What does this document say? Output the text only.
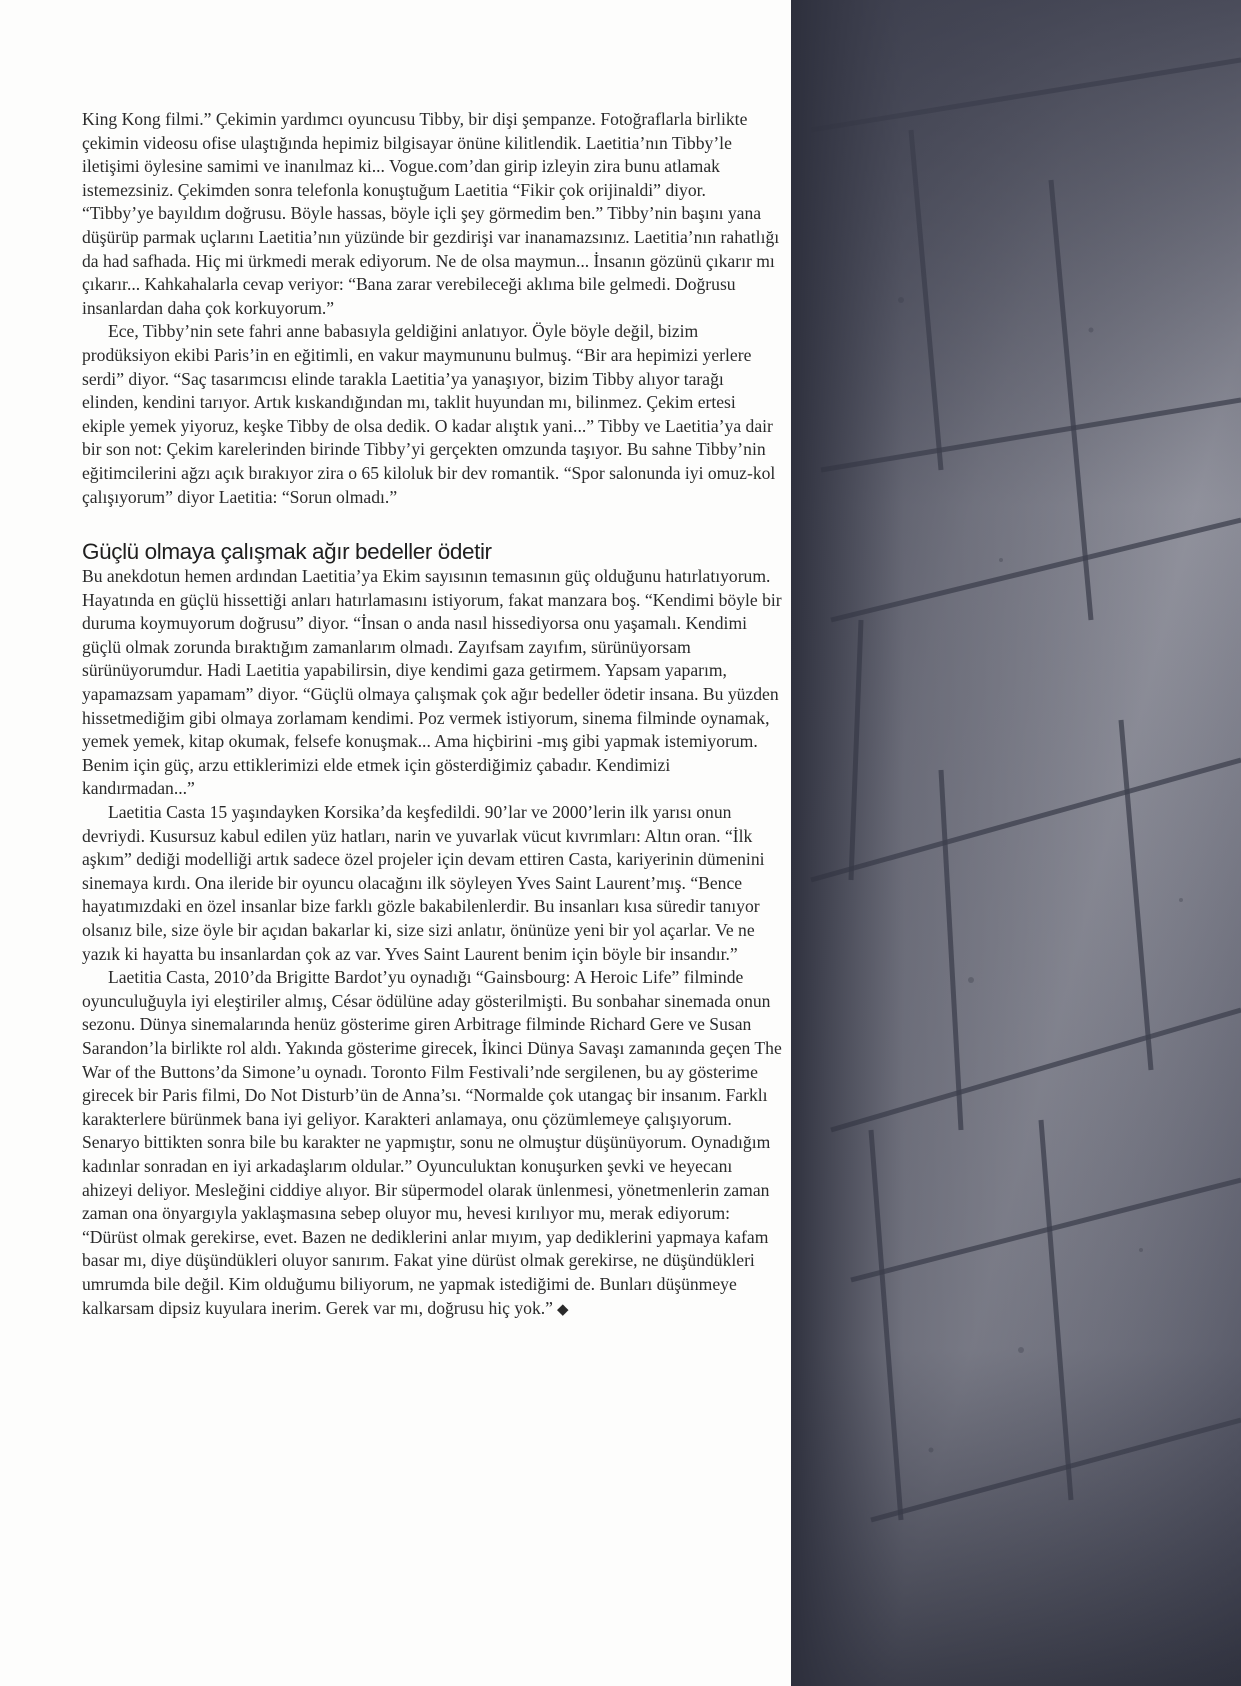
King Kong filmi.” Çekimin yardımcı oyuncusu Tibby, bir dişi şempanze. Fotoğraflarla birlikte çekimin videosu ofise ulaştığında hepimiz bilgisayar önüne kilitlendik. Laetitia’nın Tibby’le iletişimi öylesine samimi ve inanılmaz ki... Vogue.com’dan girip izleyin zira bunu atlamak istemezsiniz. Çekimden sonra telefonla konuştuğum Laetitia “Fikir çok orijinaldi” diyor. “Tibby’ye bayıldım doğrusu. Böyle hassas, böyle içli şey görmedim ben.” Tibby’nin başını yana düşürüp parmak uçlarını Laetitia’nın yüzünde bir gezdirişi var inanamazsınız. Laetitia’nın rahatlığı da had safhada. Hiç mi ürkmedi merak ediyorum. Ne de olsa maymun... İnsanın gözünü çıkarır mı çıkarır... Kahkahalarla cevap veriyor: “Bana zarar verebileceği aklıma bile gelmedi. Doğrusu insanlardan daha çok korkuyorum.”

Ece, Tibby’nin sete fahri anne babasıyla geldiğini anlatıyor. Öyle böyle değil, bizim prodüksiyon ekibi Paris’in en eğitimli, en vakur maymununu bulmuş. “Bir ara hepimizi yerlere serdi” diyor. “Saç tasarımcısı elinde tarakla Laetitia’ya yanaşıyor, bizim Tibby alıyor tarağı elinden, kendini tarıyor. Artık kıskandığından mı, taklit huyundan mı, bilinmez. Çekim ertesi ekiple yemek yiyoruz, keşke Tibby de olsa dedik. O kadar alıştık yani...” Tibby ve Laetitia’ya dair bir son not: Çekim karelerinden birinde Tibby’yi gerçekten omzunda taşıyor. Bu sahne Tibby’nin eğitimcilerini ağzı açık bırakıyor zira o 65 kiloluk bir dev romantik. “Spor salonunda iyi omuz-kol çalışıyorum” diyor Laetitia: “Sorun olmadı.”

Güçlü olmaya çalışmak ağır bedeller ödetir

Bu anekdotun hemen ardından Laetitia’ya Ekim sayısının temasının güç olduğunu hatırlatıyorum. Hayatında en güçlü hissettiği anları hatırlamasını istiyorum, fakat manzara boş. “Kendimi böyle bir duruma koymuyorum doğrusu” diyor. “İnsan o anda nasıl hissediyorsa onu yaşamalı. Kendimi güçlü olmak zorunda bıraktığım zamanlarım olmadı. Zayıfsam zayıfım, sürünüyorsam sürünüyorumdur. Hadi Laetitia yapabilirsin, diye kendimi gaza getirmem. Yapsam yaparım, yapamazsam yapamam” diyor. “Güçlü olmaya çalışmak çok ağır bedeller ödetir insana. Bu yüzden hissetmediğim gibi olmaya zorlamam kendimi. Poz vermek istiyorum, sinema filminde oynamak, yemek yemek, kitap okumak, felsefe konuşmak... Ama hiçbirini -mış gibi yapmak istemiyorum. Benim için güç, arzu ettiklerimizi elde etmek için gösterdiğimiz çabadır. Kendimizi kandırmadan...”

Laetitia Casta 15 yaşındayken Korsika’da keşfedildi. 90’lar ve 2000’lerin ilk yarısı onun devriydi. Kusursuz kabul edilen yüz hatları, narin ve yuvarlak vücut kıvrımları: Altın oran. “İlk aşkım” dediği modelliği artık sadece özel projeler için devam ettiren Casta, kariyerinin dümenini sinemaya kırdı. Ona ileride bir oyuncu olacağını ilk söyleyen Yves Saint Laurent’mış. “Bence hayatımızdaki en özel insanlar bize farklı gözle bakabilenlerdir. Bu insanları kısa süredir tanıyor olsanız bile, size öyle bir açıdan bakarlar ki, size sizi anlatır, önünüze yeni bir yol açarlar. Ve ne yazık ki hayatta bu insanlardan çok az var. Yves Saint Laurent benim için böyle bir insandır.”

Laetitia Casta, 2010’da Brigitte Bardot’yu oynadığı “Gainsbourg: A Heroic Life” filminde oyunculuğuyla iyi eleştiriler almış, César ödülüne aday gösterilmişti. Bu sonbahar sinemada onun sezonu. Dünya sinemalarında henüz gösterime giren Arbitrage filminde Richard Gere ve Susan Sarandon’la birlikte rol aldı. Yakında gösterime girecek, İkinci Dünya Savaşı zamanında geçen The War of the Buttons’da Simone’u oynadı. Toronto Film Festivali’nde sergilenen, bu ay gösterime girecek bir Paris filmi, Do Not Disturb’ün de Anna’sı. “Normalde çok utangaç bir insanım. Farklı karakterlere bürünmek bana iyi geliyor. Karakteri anlamaya, onu çözümlemeye çalışıyorum. Senaryo bittikten sonra bile bu karakter ne yapmıştır, sonu ne olmuştur düşünüyorum. Oynadığım kadınlar sonradan en iyi arkadaşlarım oldular.” Oyunculuktan konuşurken şevki ve heyecanı ahizeyi deliyor. Mesleğini ciddiye alıyor. Bir süpermodel olarak ünlenmesi, yönetmenlerin zaman zaman ona önyargıyla yaklaşmasına sebep oluyor mu, hevesi kırılıyor mu, merak ediyorum: “Dürüst olmak gerekirse, evet. Bazen ne dediklerini anlar mıyım, yap dediklerini yapmaya kafam basar mı, diye düşündükleri oluyor sanırım. Fakat yine dürüst olmak gerekirse, ne düşündükleri umrumda bile değil. Kim olduğumu biliyorum, ne yapmak istediğimi de. Bunları düşünmeye kalkarsam dipsiz kuyulara inerim. Gerek var mı, doğrusu hiç yok.” ◆
